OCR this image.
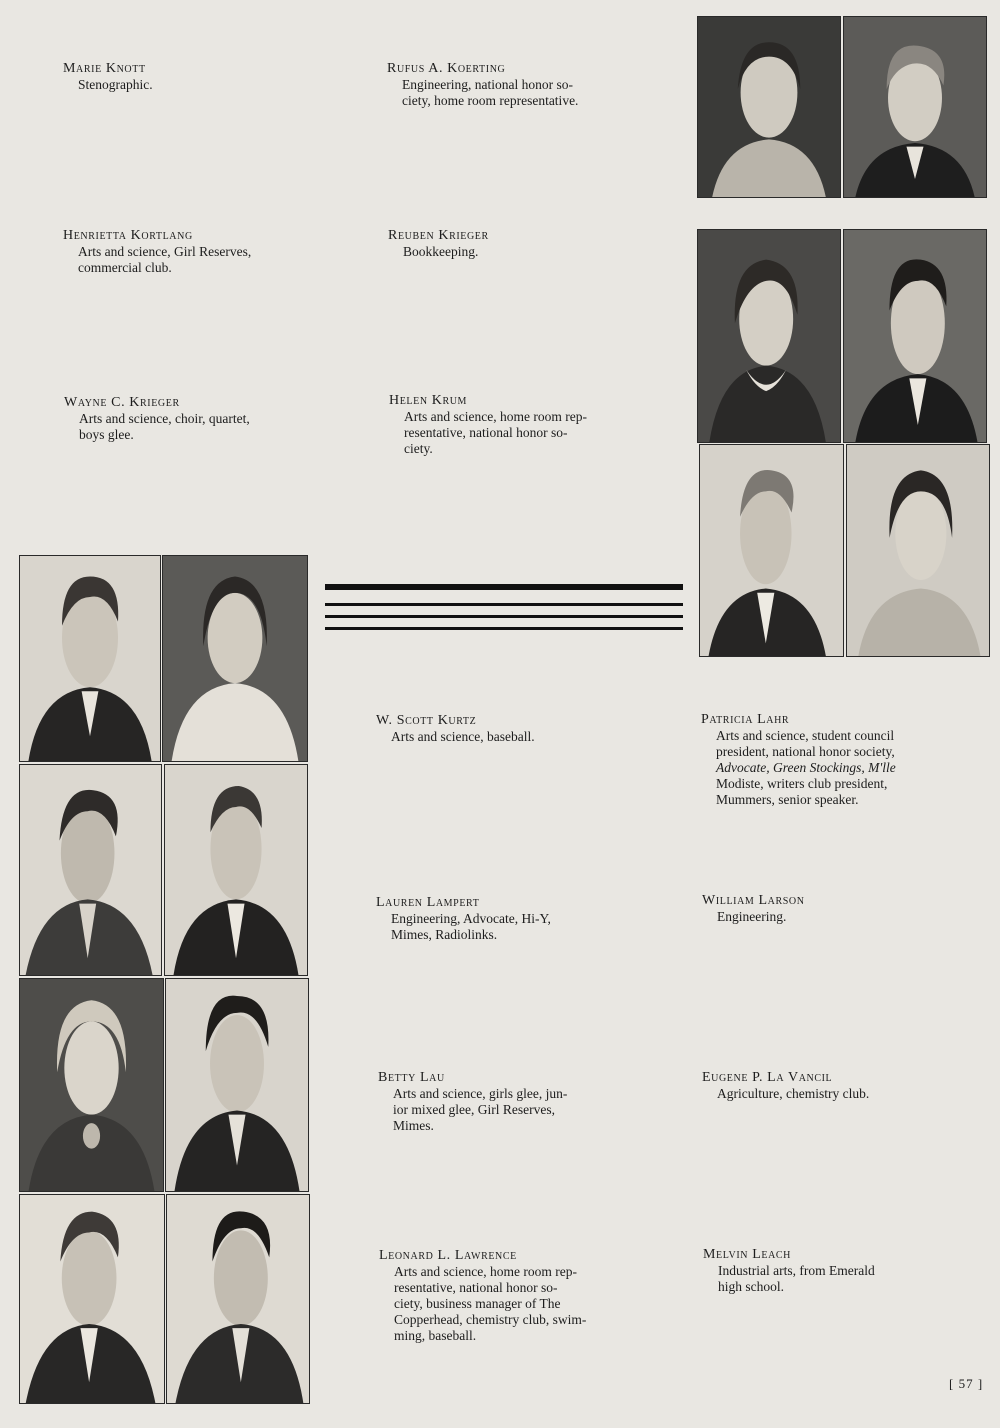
Marie Knott
Stenographic.
Rufus A. Koerting
Engineering, national honor so-
ciety, home room representative.
Henrietta Kortlang
Arts and science, Girl Reserves,
commercial club.
Reuben Krieger
Bookkeeping.
Wayne C. Krieger
Arts and science, choir, quartet,
boys glee.
Helen Krum
Arts and science, home room rep-
resentative, national honor so-
ciety.
W. Scott Kurtz
Arts and science, baseball.
Patricia Lahr
Arts and science, student council
president, national honor society,
Advocate, Green Stockings, M'lle
Modiste, writers club president,
Mummers, senior speaker.
Lauren Lampert
Engineering, Advocate, Hi-Y,
Mimes, Radiolinks.
William Larson
Engineering.
Betty Lau
Arts and science, girls glee, jun-
ior mixed glee, Girl Reserves,
Mimes.
Eugene P. La Vancil
Agriculture, chemistry club.
Leonard L. Lawrence
Arts and science, home room rep-
resentative, national honor so-
ciety, business manager of The
Copperhead, chemistry club, swim-
ming, baseball.
Melvin Leach
Industrial arts, from Emerald
high school.
[ 57 ]
